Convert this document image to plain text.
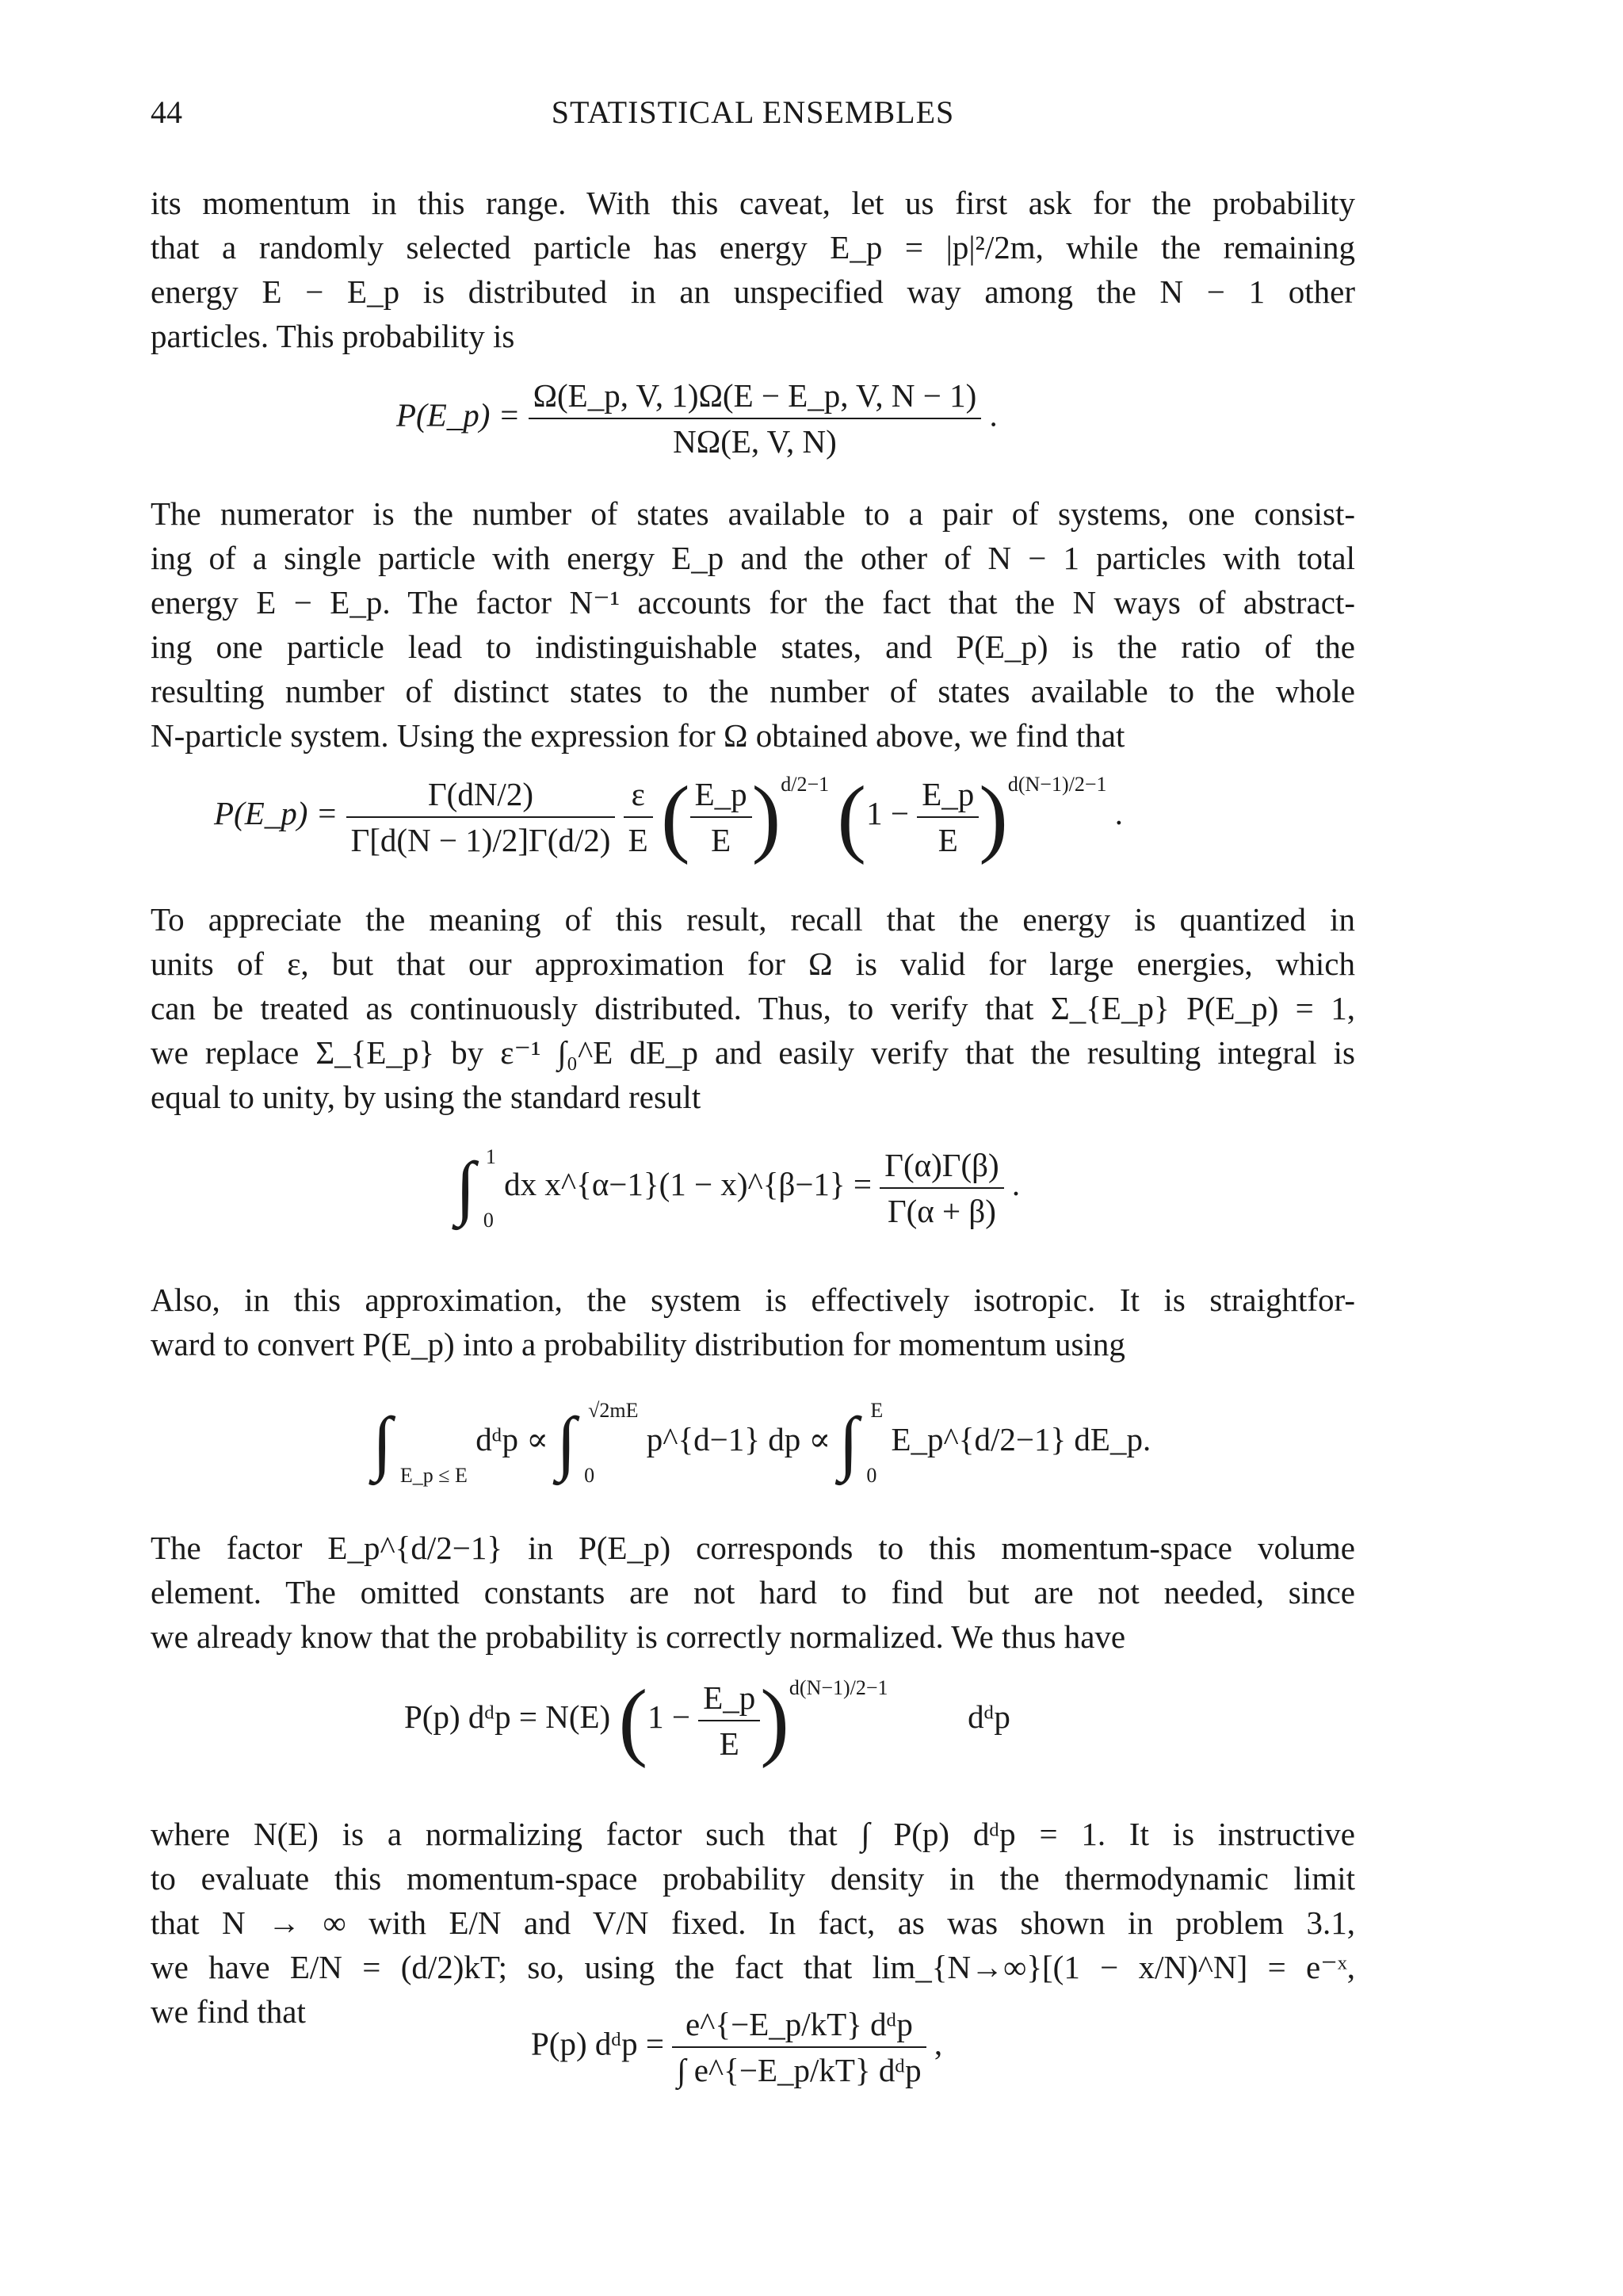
44	STATISTICAL ENSEMBLES
its momentum in this range. With this caveat, let us first ask for the probability
that a randomly selected particle has energy E_p = |p|²/2m, while the remaining
energy E − E_p is distributed in an unspecified way among the N − 1 other
particles. This probability is
P(E_p) = $\frac{\Omega(E\_p, V, 1)\Omega(E - E\_p, V, N - 1)}{N\Omega(E, V, N)}$ .
The numerator is the number of states available to a pair of systems, one consist-
ing of a single particle with energy E_p and the other of N − 1 particles with total
energy E − E_p. The factor N⁻¹ accounts for the fact that the N ways of abstract-
ing one particle lead to indistinguishable states, and P(E_p) is the ratio of the
resulting number of distinct states to the number of states available to the whole
N-particle system. Using the expression for Ω obtained above, we find that
P(E_p) = $\frac{\Gamma(dN/2)}{\Gamma[d(N - 1)/2]\Gamma(d/2)}$
$\frac{\varepsilon}{E}$ ( $\frac{E\_p}{E} )^{d/2-1}$ $(1 - \frac{E\_p}{E} )^{d(N-1)/2-1}$ .
To appreciate the meaning of this result, recall that the energy is quantized in
units of ε, but that our approximation for Ω is valid for large energies, which
can be treated as continuously distributed. Thus, to verify that Σ_{E_p} P(E_p) = 1,
we replace Σ_{E_p} by ε⁻¹ ∫₀^E dE_p and easily verify that the resulting integral is
equal to unity, by using the standard result
∫ $_0^1$ dx x^{α−1}(1 − x)^{β−1} = $\frac{\Gamma(\alpha)\Gamma(\beta)}{\Gamma(\alpha + \beta)}$ .
Also, in this approximation, the system is effectively isotropic. It is straightfor-
ward to convert P(E_p) into a probability distribution for momentum using
∫ $_{E\_p \le E}$ dᵈp ∝ ∫ $_0^{√2mE}$ p^{d−1} dp ∝ ∫ $_0^E$ E_p^{d/2−1} dE_p.
The factor E_p^{d/2−1} in P(E_p) corresponds to this momentum-space volume
element. The omitted constants are not hard to find but are not needed, since
we already know that the probability is correctly normalized. We thus have
P(p) dᵈp = N(E) $(1 - \frac{E\_p}{E} )^{d(N-1)/2-1}$  dᵈp
where N(E) is a normalizing factor such that ∫ P(p) dᵈp = 1. It is instructive
to evaluate this momentum-space probability density in the thermodynamic limit
that N → ∞ with E/N and V/N fixed. In fact, as was shown in problem 3.1,
we have E/N = (d/2)kT; so, using the fact that lim_{N→∞}[(1 − x/N)^N] = e⁻ˣ,
we find that
P(p) dᵈp = $\frac{\text{e\textasciicircum{}\{−E\_p/kT\} dᵈp}}{\text{∫ e\textasciicircum{}\{−E\_p/kT\} dᵈp}}$ ,
